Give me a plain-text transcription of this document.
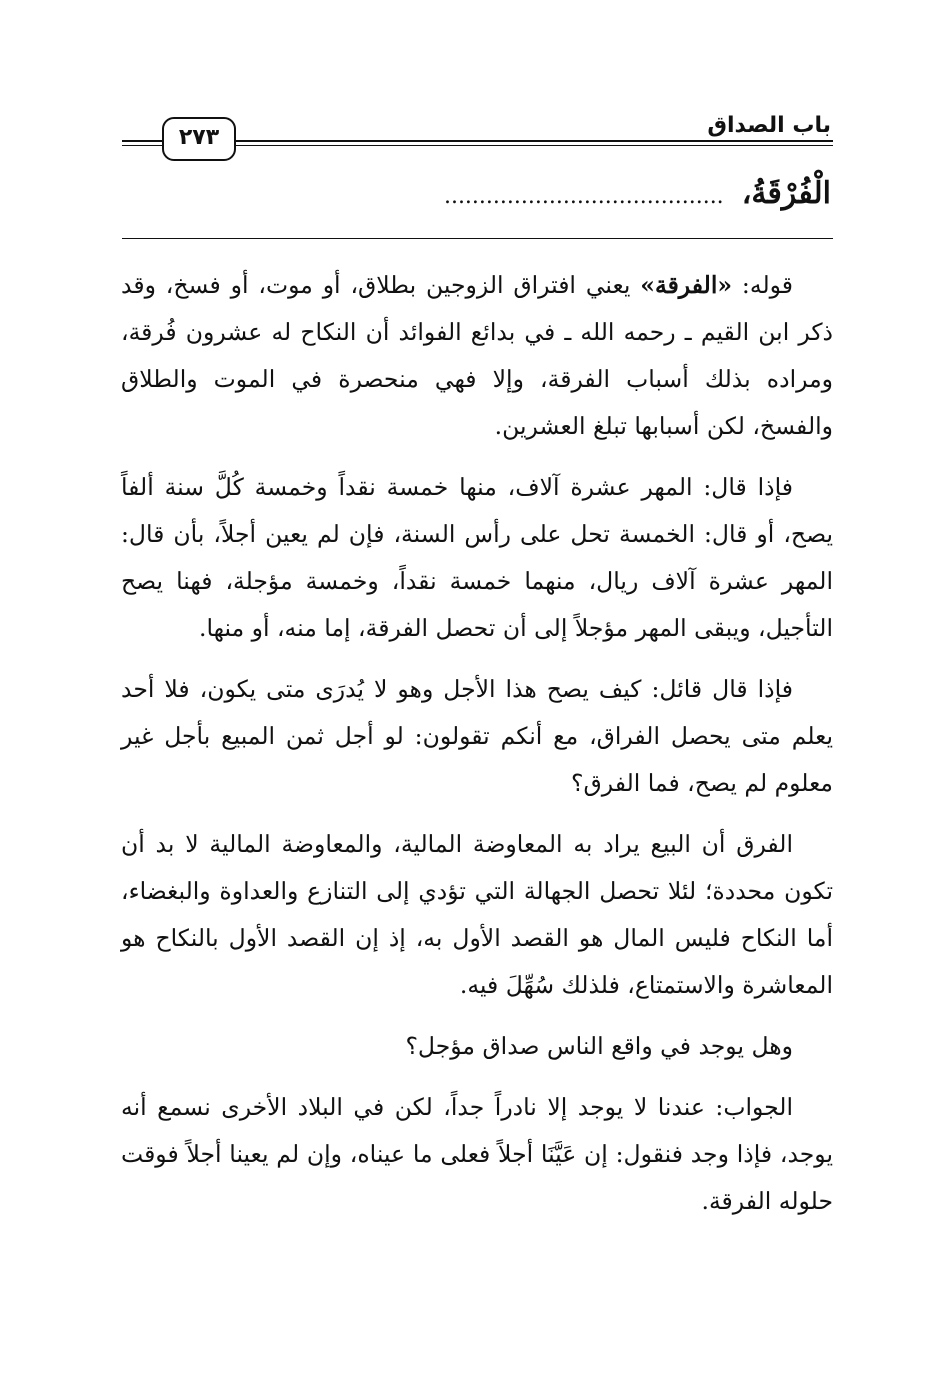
باب الصداق
٢٧٣
الْفُرْقَةُ،........................................

قوله: «الفرقة» يعني افتراق الزوجين بطلاق، أو موت، أو فسخ، وقد ذكر ابن القيم ـ رحمه الله ـ في بدائع الفوائد أن النكاح له عشرون فُرقة، ومراده بذلك أسباب الفرقة، وإلا فهي منحصرة في الموت والطلاق والفسخ، لكن أسبابها تبلغ العشرين.

فإذا قال: المهر عشرة آلاف، منها خمسة نقداً وخمسة كُلَّ سنة ألفاً يصح، أو قال: الخمسة تحل على رأس السنة، فإن لم يعين أجلاً، بأن قال: المهر عشرة آلاف ريال، منهما خمسة نقداً، وخمسة مؤجلة، فهنا يصح التأجيل، ويبقى المهر مؤجلاً إلى أن تحصل الفرقة، إما منه، أو منها.

فإذا قال قائل: كيف يصح هذا الأجل وهو لا يُدرَى متى يكون، فلا أحد يعلم متى يحصل الفراق، مع أنكم تقولون: لو أجل ثمن المبيع بأجل غير معلوم لم يصح، فما الفرق؟

الفرق أن البيع يراد به المعاوضة المالية، والمعاوضة المالية لا بد أن تكون محددة؛ لئلا تحصل الجهالة التي تؤدي إلى التنازع والعداوة والبغضاء، أما النكاح فليس المال هو القصد الأول به، إذ إن القصد الأول بالنكاح هو المعاشرة والاستمتاع، فلذلك سُهِّلَ فيه.

وهل يوجد في واقع الناس صداق مؤجل؟

الجواب: عندنا لا يوجد إلا نادراً جداً، لكن في البلاد الأخرى نسمع أنه يوجد، فإذا وجد فنقول: إن عَيَّنَا أجلاً فعلى ما عيناه، وإن لم يعينا أجلاً فوقت حلوله الفرقة.
